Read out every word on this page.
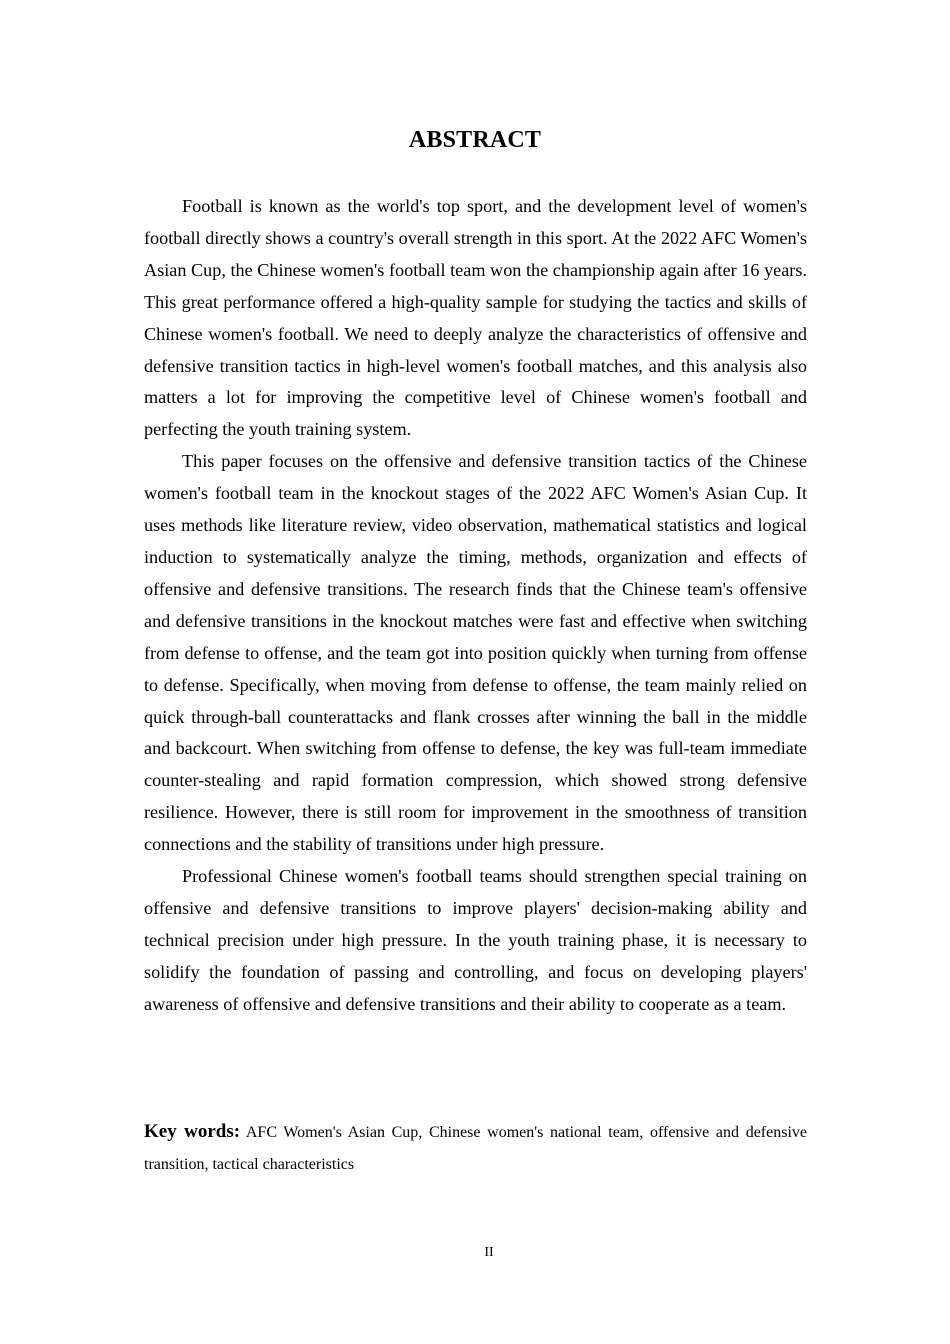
ABSTRACT

Football is known as the world's top sport, and the development level of women's football directly shows a country's overall strength in this sport. At the 2022 AFC Women's Asian Cup, the Chinese women's football team won the championship again after 16 years. This great performance offered a high-quality sample for studying the tactics and skills of Chinese women's football. We need to deeply analyze the characteristics of offensive and defensive transition tactics in high-level women's football matches, and this analysis also matters a lot for improving the competitive level of Chinese women's football and perfecting the youth training system.

This paper focuses on the offensive and defensive transition tactics of the Chinese women's football team in the knockout stages of the 2022 AFC Women's Asian Cup. It uses methods like literature review, video observation, mathematical statistics and logical induction to systematically analyze the timing, methods, organization and effects of offensive and defensive transitions. The research finds that the Chinese team's offensive and defensive transitions in the knockout matches were fast and effective when switching from defense to offense, and the team got into position quickly when turning from offense to defense. Specifically, when moving from defense to offense, the team mainly relied on quick through-ball counterattacks and flank crosses after winning the ball in the middle and backcourt. When switching from offense to defense, the key was full-team immediate counter-stealing and rapid formation compression, which showed strong defensive resilience. However, there is still room for improvement in the smoothness of transition connections and the stability of transitions under high pressure.

Professional Chinese women's football teams should strengthen special training on offensive and defensive transitions to improve players' decision-making ability and technical precision under high pressure. In the youth training phase, it is necessary to solidify the foundation of passing and controlling, and focus on developing players' awareness of offensive and defensive transitions and their ability to cooperate as a team.

Key words: AFC Women's Asian Cup, Chinese women's national team, offensive and defensive transition, tactical characteristics

II
